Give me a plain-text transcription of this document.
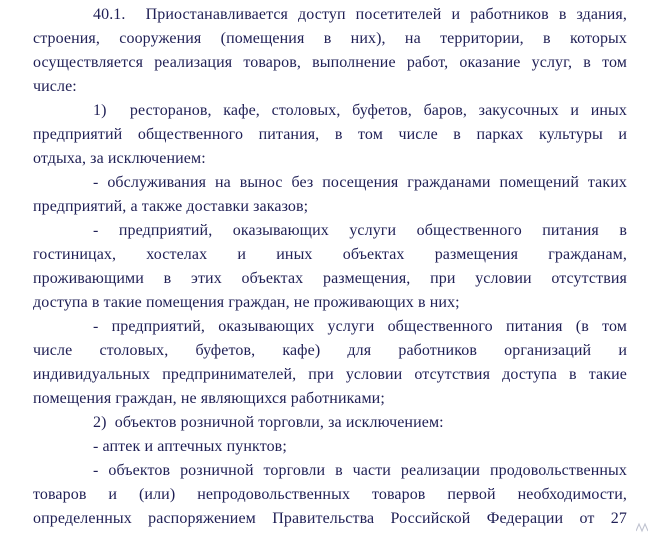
40.1.  Приостанавливается доступ посетителей и работников в здания,
строения, сооружения (помещения в них), на территории, в которых
осуществляется реализация товаров, выполнение работ, оказание услуг, в том
числе:
1)  ресторанов, кафе, столовых, буфетов, баров, закусочных и иных
предприятий общественного питания, в том числе в парках культуры и
отдыха, за исключением:
- обслуживания на вынос без посещения гражданами помещений таких
предприятий, а также доставки заказов;
- предприятий, оказывающих услуги общественного питания в
гостиницах, хостелах и иных объектах размещения гражданам,
проживающими в этих объектах размещения, при условии отсутствия
доступа в такие помещения граждан, не проживающих в них;
- предприятий, оказывающих услуги общественного питания (в том
числе столовых, буфетов, кафе) для работников организаций и
индивидуальных предпринимателей, при условии отсутствия доступа в такие
помещения граждан, не являющихся работниками;
2)  объектов розничной торговли, за исключением:
- аптек и аптечных пунктов;
- объектов розничной торговли в части реализации продовольственных
товаров и (или) непродовольственных товаров первой необходимости,
определенных распоряжением Правительства Российской Федерации от 27
